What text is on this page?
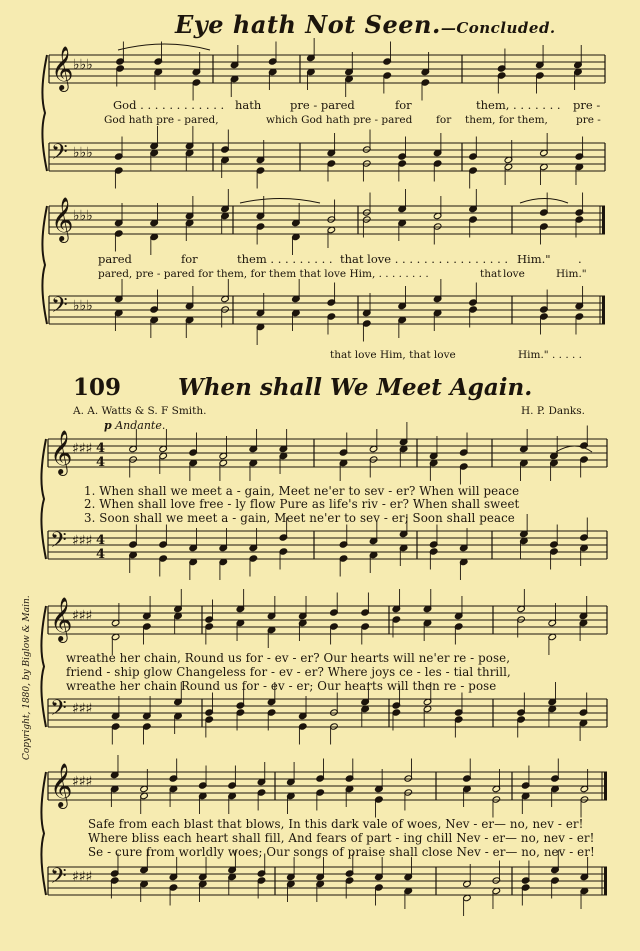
𝄞 ♭♭♭
𝄢 ♭♭♭
𝄞 ♭♭♭
𝄢 ♭♭♭
𝄞 ♯♯♯ 4
4
𝄢 ♯♯♯ 4
4
𝄞 ♯♯♯
𝄢 ♯♯♯
𝄞 ♯♯♯
𝄢 ♯♯♯
Eye hath Not Seen.—Concluded.
God . . . . . . . . . . . . hath pre - pared	for	them, . . . . . . . pre -
God hath pre - pared,	which God hath pre - pared for them, for them,	pre -
pared	for	them . . . . . . . . . that love . . . . . . . . . . . . . . . . Him." .
pared, pre - pared for them, for them that love Him, . . . . . . . .	that love	Him."
that love Him, that love	Him." . . . . .
109 When shall We Meet Again.
A. A. Watts & S. F Smith.	H. P. Danks.
p Andante.
1. When shall we meet a - gain, Meet ne'er to sev - er? When will peace
2. When shall love free - ly flow Pure as life's riv - er? When shall sweet
3. Soon shall we meet a - gain, Meet ne'er to sev - er; Soon shall peace
wreathe her chain, Round us for - ev - er? Our hearts will ne'er re - pose,
friend - ship glow Changeless for - ev - er? Where joys ce - les - tial thrill,
wreathe her chain Round us for - ev - er; Our hearts will then re - pose
Safe from each blast that blows, In this dark vale of woes, Nev - er— no, nev - er!
Where bliss each heart shall fill, And fears of part - ing chill Nev - er— no, nev - er!
Se - cure from worldly woes; Our songs of praise shall close Nev - er— no, nev - er!
Copyright, 1880, by Biglow & Main.
